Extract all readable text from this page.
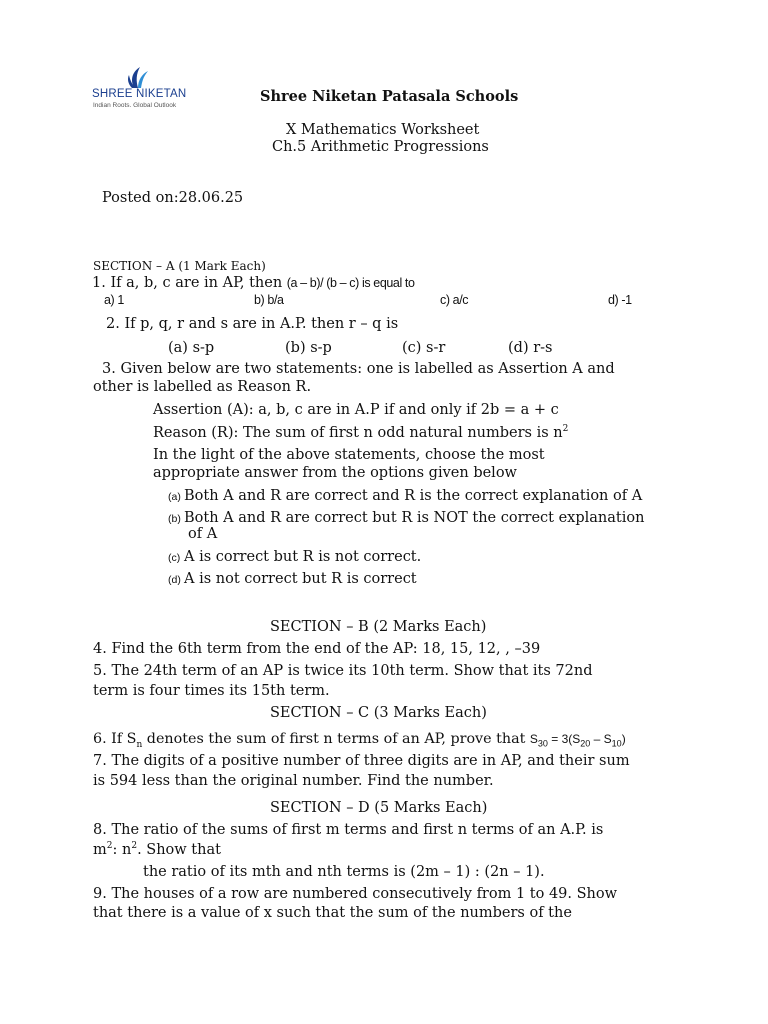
SHREE NIKETAN
Indian Roots. Global Outlook
Shree Niketan Patasala Schools
X Mathematics Worksheet
Ch.5 Arithmetic Progressions
Posted on:28.06.25
SECTION – A (1 Mark Each)
1. If a, b, c are in AP, then (a – b)/ (b – c) is equal to
a) 1	b) b/a	c) a/c	d) -1
2. If p, q, r and s are in A.P. then r – q is
(a) s-p	(b) s-p	(c) s-r	(d) r-s
3. Given below are two statements: one is labelled as Assertion A and
other is labelled as Reason R.
Assertion (A): a, b, c are in A.P if and only if 2b = a + c
Reason (R): The sum of first n odd natural numbers is $n^2$
In the light of the above statements, choose the most
appropriate answer from the options given below
(a) Both A and R are correct and R is the correct explanation of A
(b) Both A and R are correct but R is NOT the correct explanation
of A
(c) A is correct but R is not correct.
(d) A is not correct but R is correct
SECTION – B (2 Marks Each)
4. Find the 6th term from the end of the AP: 18, 15, 12, , –39
5. The 24th term of an AP is twice its 10th term. Show that its 72nd
term is four times its 15th term.
SECTION – C (3 Marks Each)
6. If $S_n$ denotes the sum of first n terms of an AP, prove that $S_{30} = 3(S_{20} - S_{10})$
7. The digits of a positive number of three digits are in AP, and their sum
is 594 less than the original number. Find the number.
SECTION – D (5 Marks Each)
8. The ratio of the sums of first m terms and first n terms of an A.P. is
$m^2$: $n^2$. Show that
the ratio of its mth and nth terms is (2m – 1) : (2n – 1).
9. The houses of a row are numbered consecutively from 1 to 49. Show
that there is a value of x such that the sum of the numbers of the
